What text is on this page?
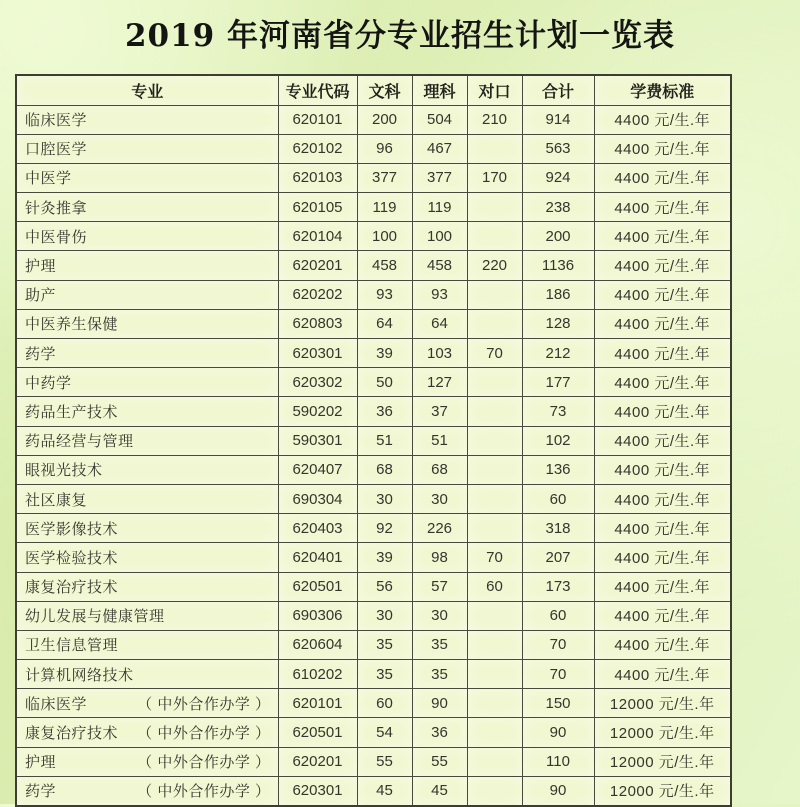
2019 年河南省分专业招生计划一览表
专业	专业代码	文科	理科	对口	合计	学费标准

临床医学	620101	200	504	210	914	4400 元/生.年

口腔医学	620102	96	467		563	4400 元/生.年

中医学	620103	377	377	170	924	4400 元/生.年

针灸推拿	620105	119	119		238	4400 元/生.年

中医骨伤	620104	100	100		200	4400 元/生.年

护理	620201	458	458	220	1136	4400 元/生.年

助产	620202	93	93		186	4400 元/生.年

中医养生保健	620803	64	64		128	4400 元/生.年

药学	620301	39	103	70	212	4400 元/生.年

中药学	620302	50	127		177	4400 元/生.年

药品生产技术	590202	36	37		73	4400 元/生.年

药品经营与管理	590301	51	51		102	4400 元/生.年

眼视光技术	620407	68	68		136	4400 元/生.年

社区康复	690304	30	30		60	4400 元/生.年

医学影像技术	620403	92	226		318	4400 元/生.年

医学检验技术	620401	39	98	70	207	4400 元/生.年

康复治疗技术	620501	56	57	60	173	4400 元/生.年

幼儿发展与健康管理	690306	30	30		60	4400 元/生.年

卫生信息管理	620604	35	35		70	4400 元/生.年

计算机网络技术	610202	35	35		70	4400 元/生.年

临床医学 （ 中外合作办学 ）	620101	60	90		150	12000 元/生.年

康复治疗技术 （ 中外合作办学 ）	620501	54	36		90	12000 元/生.年

护理 （ 中外合作办学 ）	620201	55	55		110	12000 元/生.年

药学 （ 中外合作办学 ）	620301	45	45		90	12000 元/生.年
